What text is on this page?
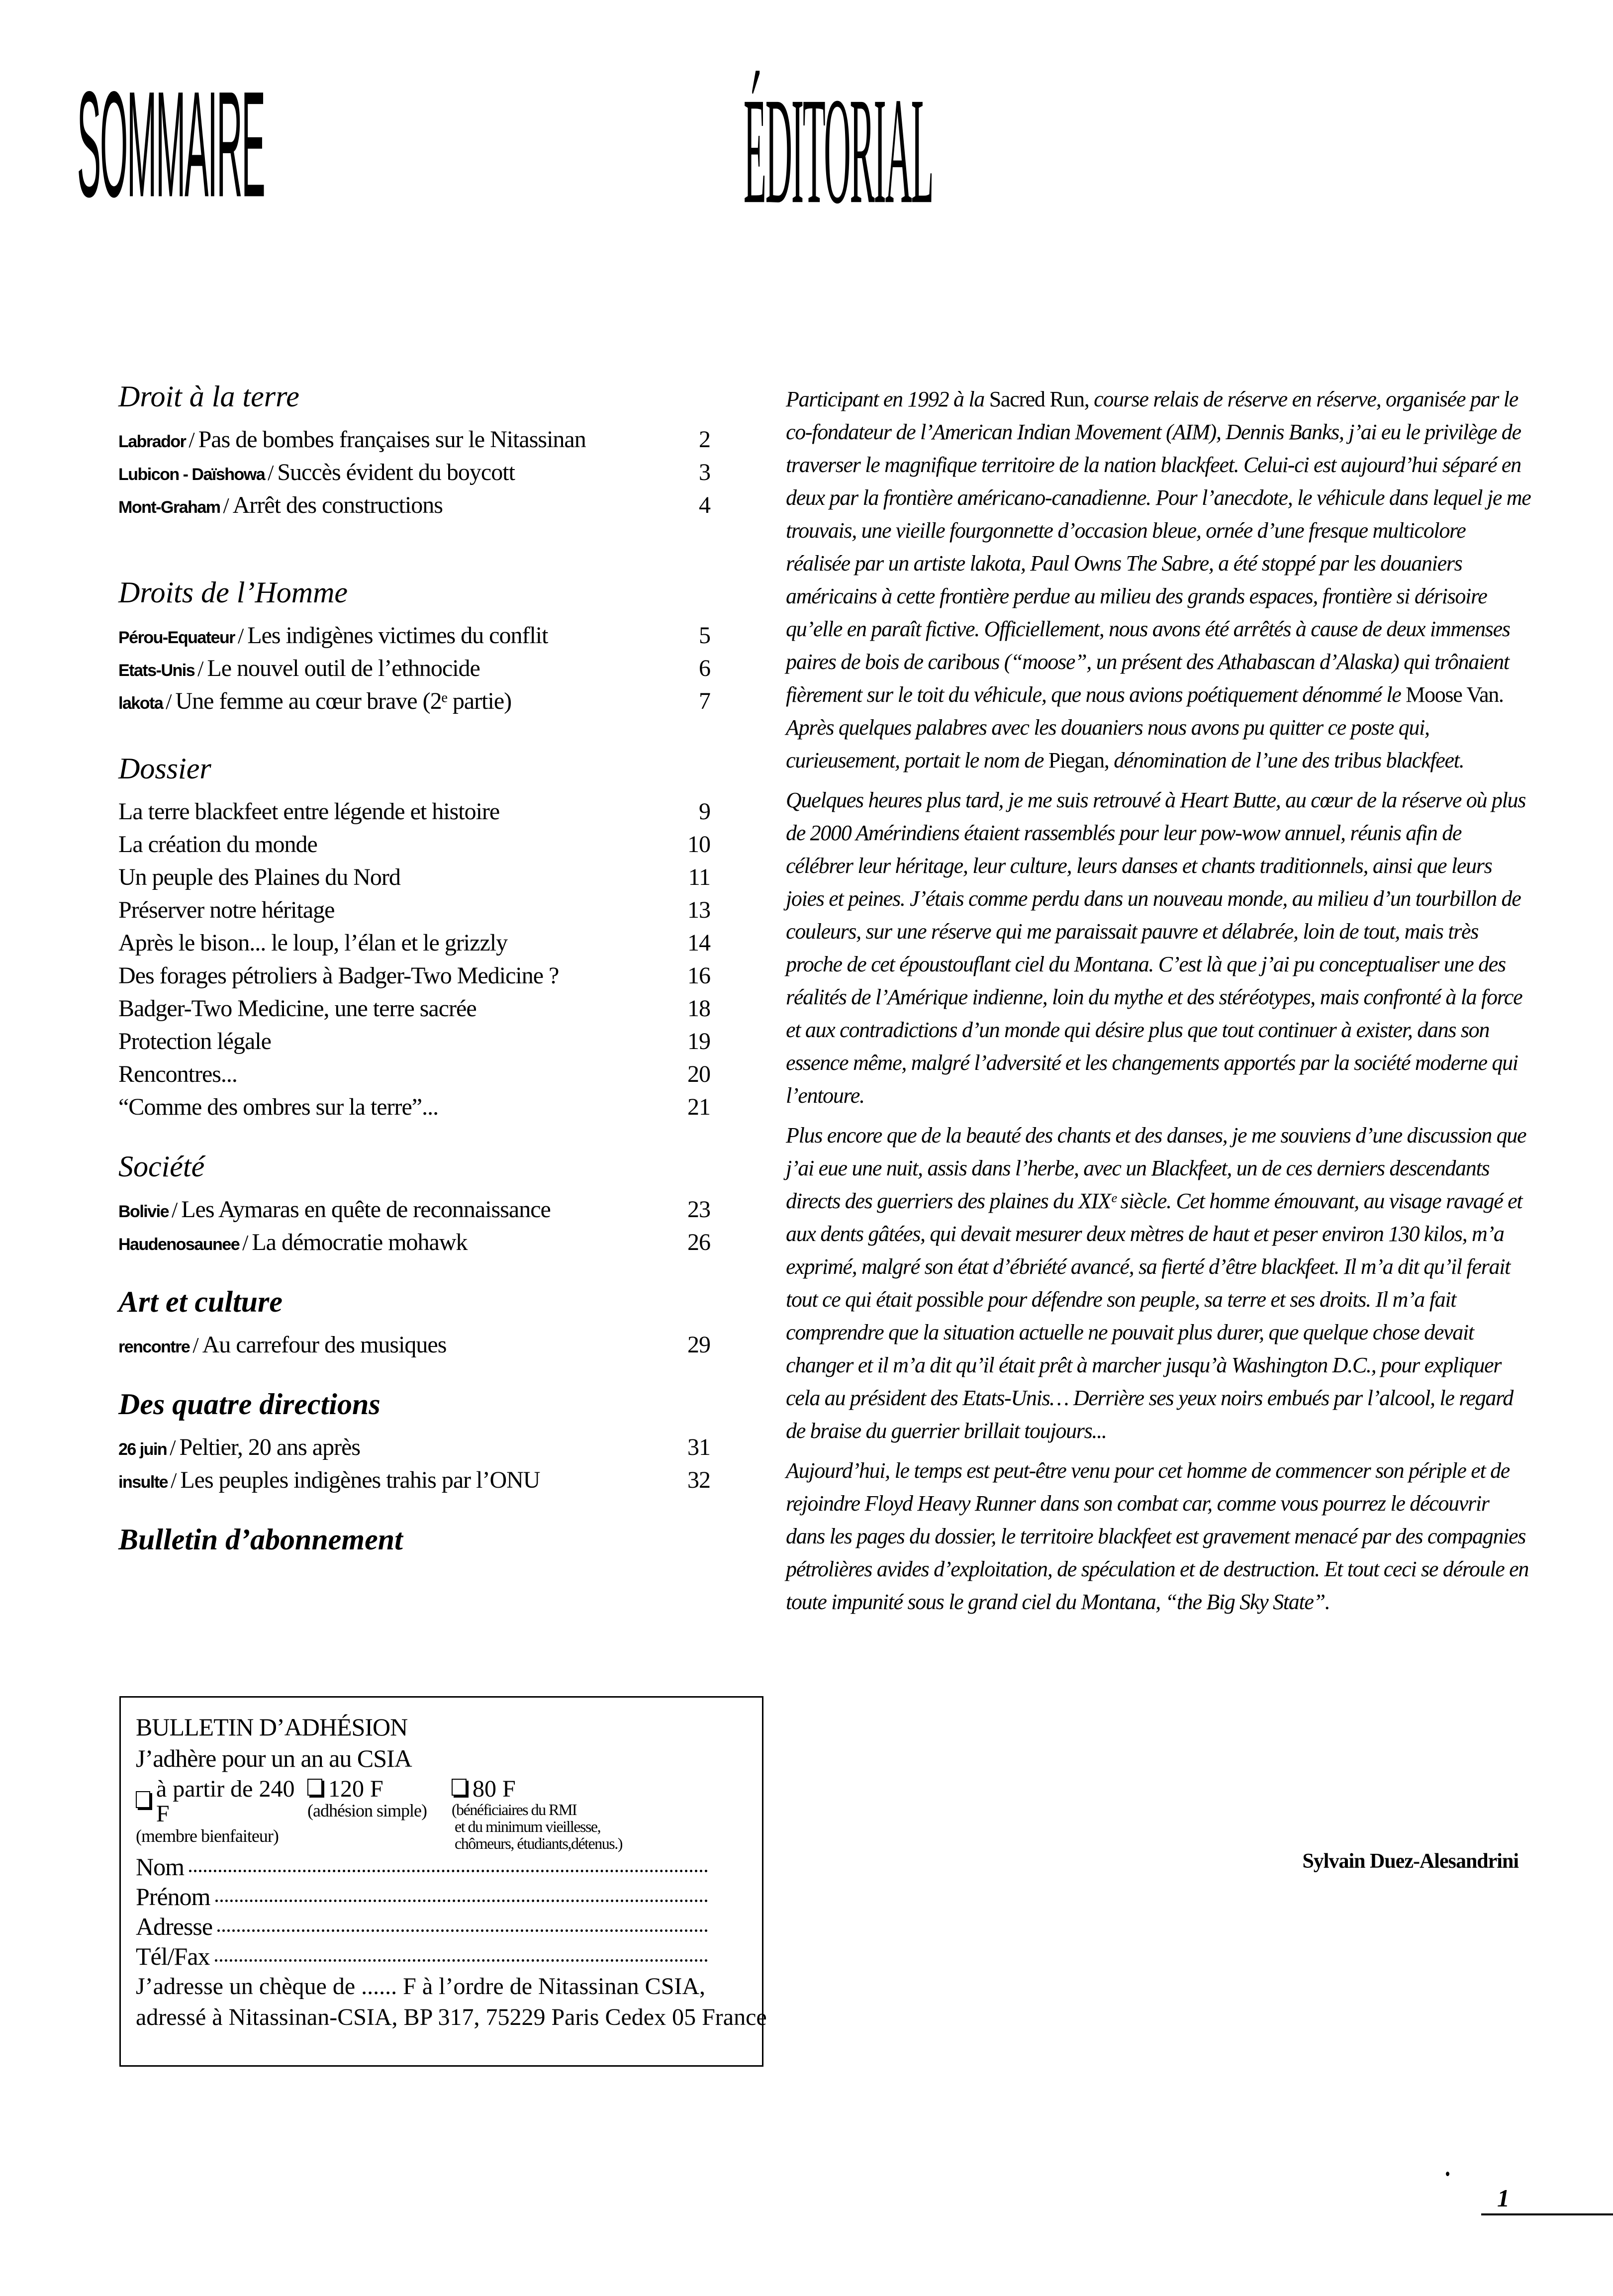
SOMMAIRE	ÉDITORIAL
Droit à la terre
Labrador / Pas de bombes françaises sur le Nitassinan	2
Lubicon - Daïshowa / Succès évident du boycott	3
Mont-Graham / Arrêt des constructions	4
Droits de l’Homme
Pérou-Equateur / Les indigènes victimes du conflit	5
Etats-Unis / Le nouvel outil de l’ethnocide	6
lakota / Une femme au cœur brave (2ᵉ partie)	7
Dossier
La terre blackfeet entre légende et histoire	9
La création du monde	10
Un peuple des Plaines du Nord	11
Préserver notre héritage	13
Après le bison... le loup, l’élan et le grizzly	14
Des forages pétroliers à Badger-Two Medicine ?	16
Badger-Two Medicine, une terre sacrée	18
Protection légale	19
Rencontres...	20
“Comme des ombres sur la terre”...	21
Société
Bolivie / Les Aymaras en quête de reconnaissance	23
Haudenosaunee / La démocratie mohawk	26
Art et culture
rencontre / Au carrefour des musiques	29
Des quatre directions
26 juin / Peltier, 20 ans après	31
insulte / Les peuples indigènes trahis par l’ONU	32
Bulletin d’abonnement
BULLETIN D’ADHÉSION
J’adhère pour un an au CSIA
à partir de 240 F
(membre bienfaiteur)
120 F
(adhésion simple)
80 F
(bénéficiaires du RMI
et du minimum vieillesse,
chômeurs, étudiants,détenus.)
Nom
Prénom
Adresse
Tél/Fax
J’adresse un chèque de ...... F à l’ordre de Nitassinan CSIA,
adressé à Nitassinan-CSIA, BP 317, 75229 Paris Cedex 05 France

Participant en 1992 à la Sacred Run, course relais de réserve en réserve, organisée par le co-fondateur de l’American Indian Movement (AIM), Dennis Banks, j’ai eu le privilège de traverser le magnifique territoire de la nation blackfeet. Celui-ci est aujourd’hui séparé en deux par la frontière américano-canadienne. Pour l’anecdote, le véhicule dans lequel je me trouvais, une vieille fourgonnette d’occasion bleue, ornée d’une fresque multicolore réalisée par un artiste lakota, Paul Owns The Sabre, a été stoppé par les douaniers américains à cette frontière perdue au milieu des grands espaces, frontière si dérisoire qu’elle en paraît fictive. Officiellement, nous avons été arrêtés à cause de deux immenses paires de bois de caribous (“moose”, un présent des Athabascan d’Alaska) qui trônaient fièrement sur le toit du véhicule, que nous avions poétiquement dénommé le Moose Van. Après quelques palabres avec les douaniers nous avons pu quitter ce poste qui, curieusement, portait le nom de Piegan, dénomination de l’une des tribus blackfeet.

Quelques heures plus tard, je me suis retrouvé à Heart Butte, au cœur de la réserve où plus de 2000 Amérindiens étaient rassemblés pour leur pow-wow annuel, réunis afin de célébrer leur héritage, leur culture, leurs danses et chants traditionnels, ainsi que leurs joies et peines. J’étais comme perdu dans un nouveau monde, au milieu d’un tourbillon de couleurs, sur une réserve qui me paraissait pauvre et délabrée, loin de tout, mais très proche de cet époustouflant ciel du Montana. C’est là que j’ai pu conceptualiser une des réalités de l’Amérique indienne, loin du mythe et des stéréotypes, mais confronté à la force et aux contradictions d’un monde qui désire plus que tout continuer à exister, dans son essence même, malgré l’adversité et les changements apportés par la société moderne qui l’entoure.

Plus encore que de la beauté des chants et des danses, je me souviens d’une discussion que j’ai eue une nuit, assis dans l’herbe, avec un Blackfeet, un de ces derniers descendants directs des guerriers des plaines du XIXᵉ siècle. Cet homme émouvant, au visage ravagé et aux dents gâtées, qui devait mesurer deux mètres de haut et peser environ 130 kilos, m’a exprimé, malgré son état d’ébriété avancé, sa fierté d’être blackfeet. Il m’a dit qu’il ferait tout ce qui était possible pour défendre son peuple, sa terre et ses droits. Il m’a fait comprendre que la situation actuelle ne pouvait plus durer, que quelque chose devait changer et il m’a dit qu’il était prêt à marcher jusqu’à Washington D.C., pour expliquer cela au président des Etats-Unis… Derrière ses yeux noirs embués par l’alcool, le regard de braise du guerrier brillait toujours...

Aujourd’hui, le temps est peut-être venu pour cet homme de commencer son périple et de rejoindre Floyd Heavy Runner dans son combat car, comme vous pourrez le découvrir dans les pages du dossier, le territoire blackfeet est gravement menacé par des compagnies pétrolières avides d’exploitation, de spéculation et de destruction. Et tout ceci se déroule en toute impunité sous le grand ciel du Montana, “the Big Sky State”.

Sylvain Duez-Alesandrini
1
